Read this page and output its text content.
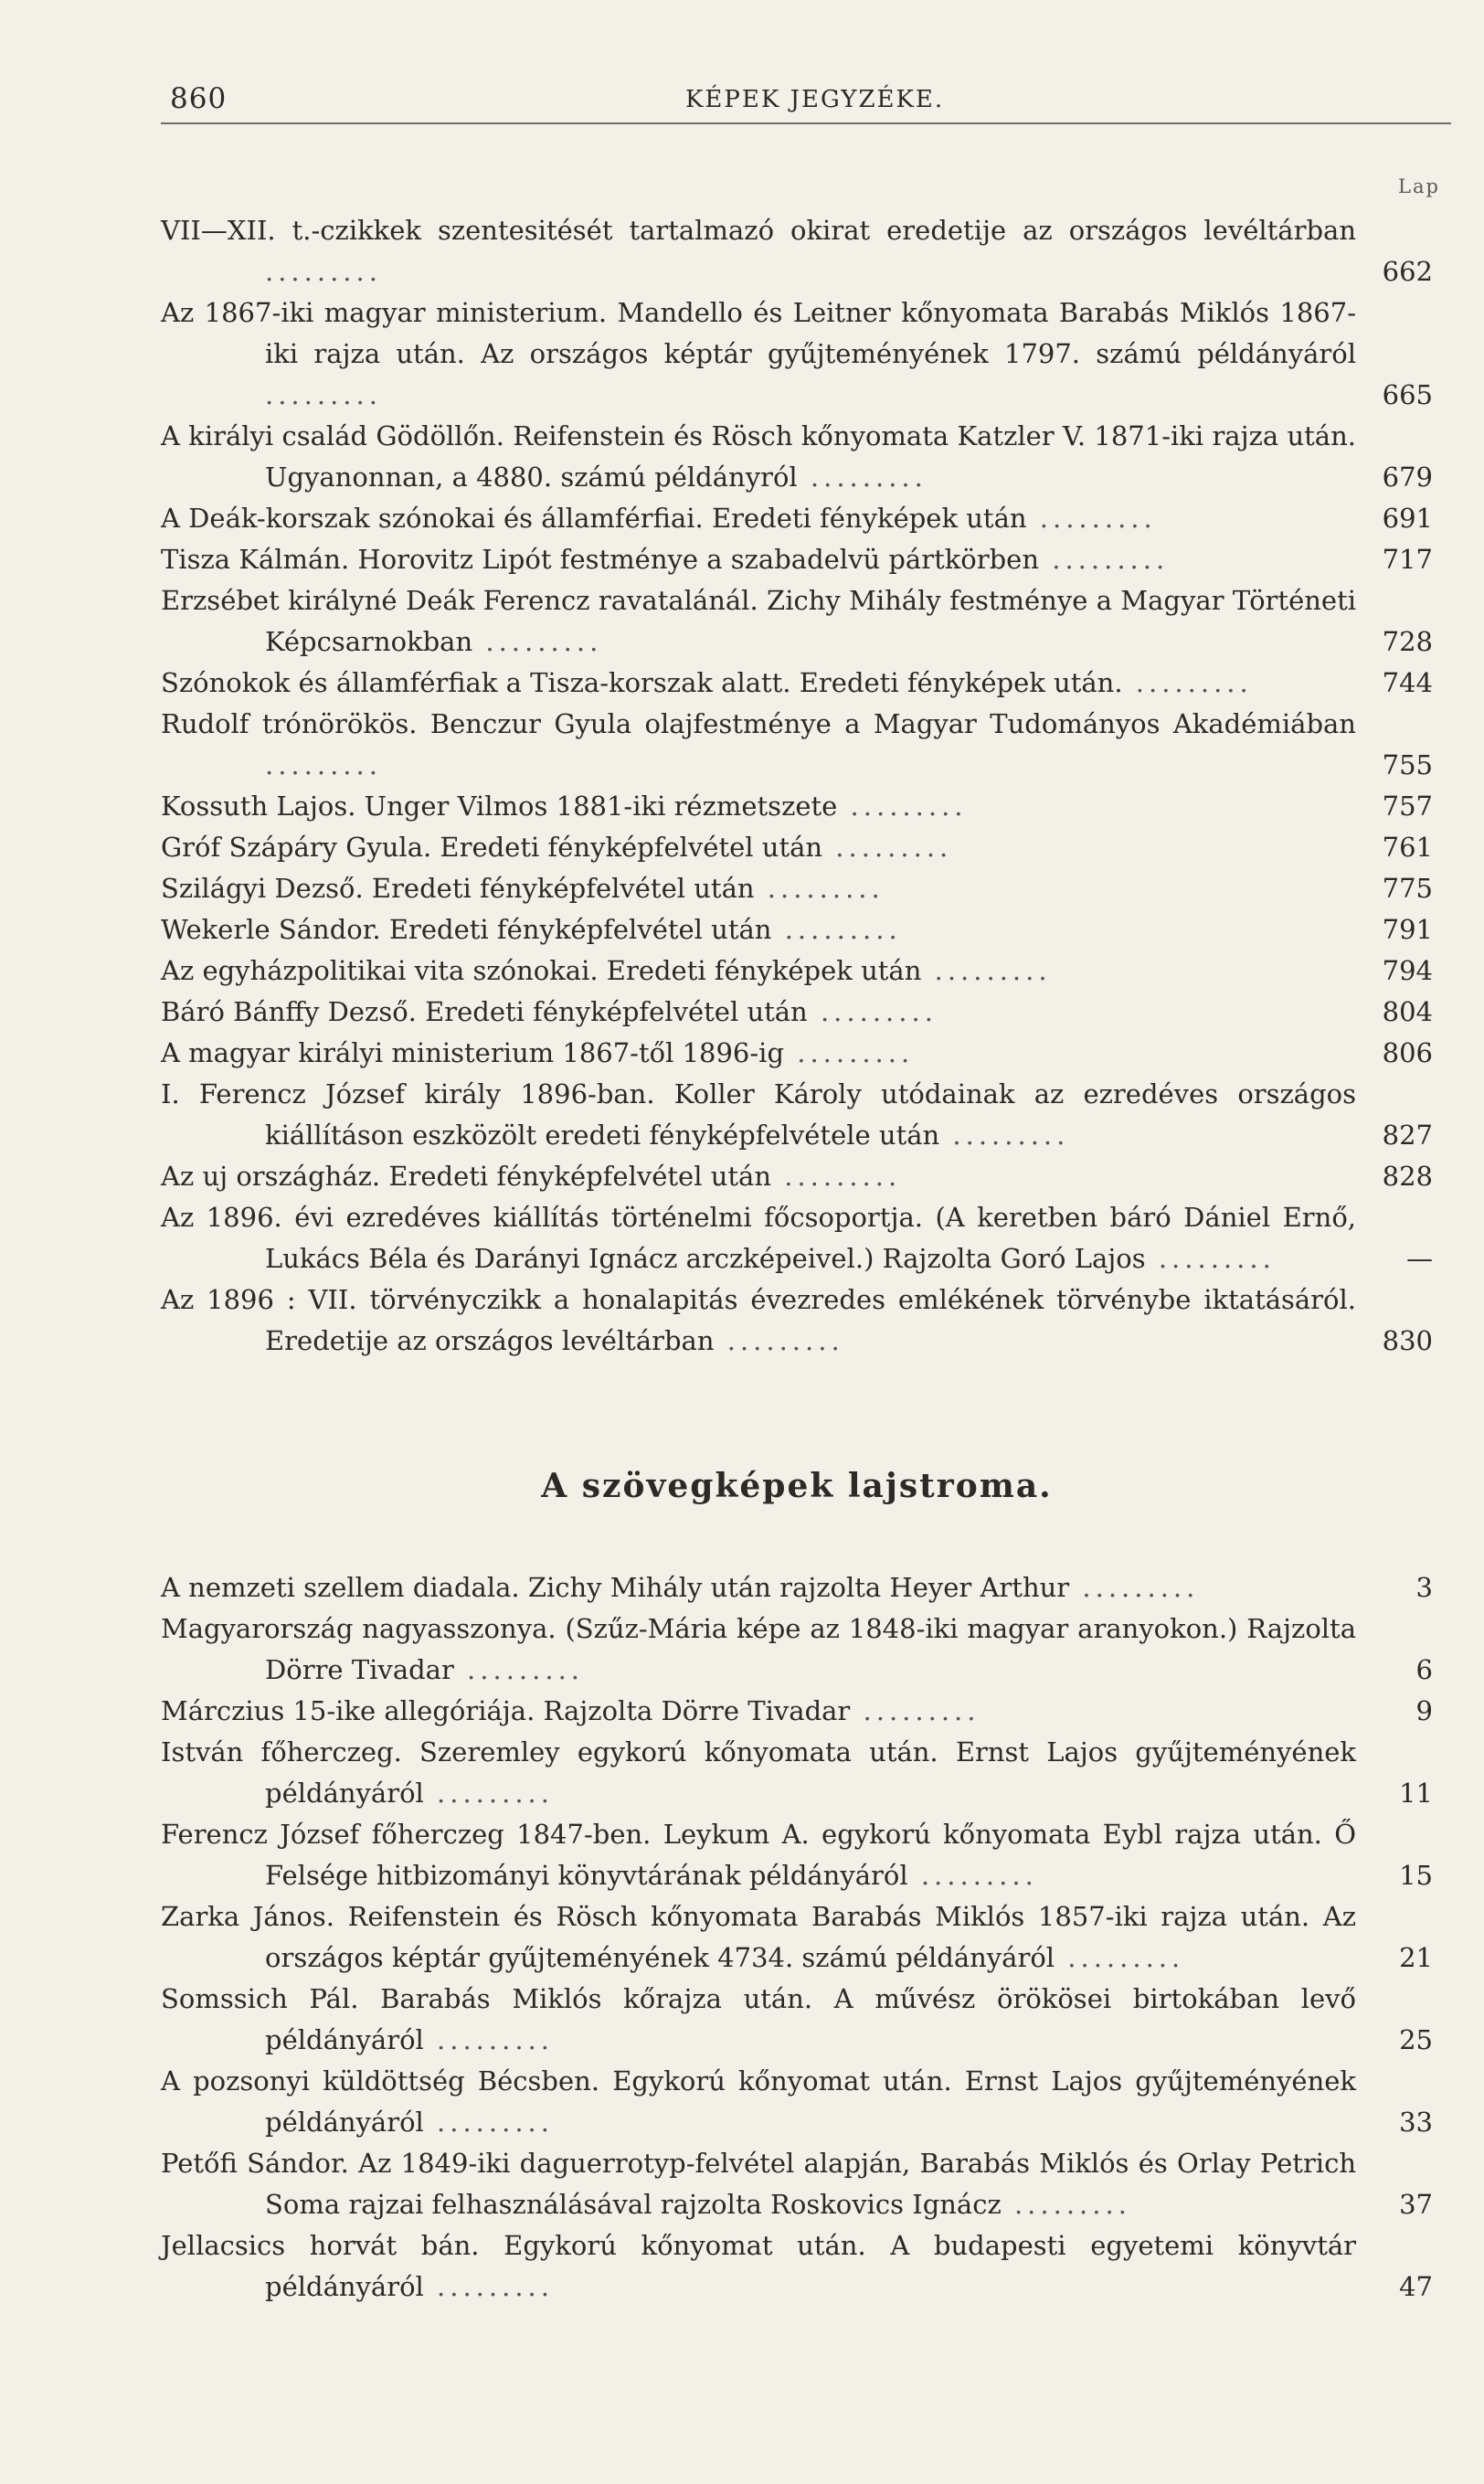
860	KÉPEK JEGYZÉKE.
Lap
VII—XII. t.-czikkek szentesitését tartalmazó okirat eredetije az országos levéltárban .........	662
Az 1867-iki magyar ministerium. Mandello és Leitner kőnyomata Barabás Miklós 1867-iki rajza után. Az országos képtár gyűjteményének 1797. számú példányáról .........	665
A királyi család Gödöllőn. Reifenstein és Rösch kőnyomata Katzler V. 1871-iki rajza után. Ugyanonnan, a 4880. számú példányról .........	679
A Deák-korszak szónokai és államférfiai. Eredeti fényképek után .........	691
Tisza Kálmán. Horovitz Lipót festménye a szabadelvü pártkörben .........	717
Erzsébet királyné Deák Ferencz ravatalánál. Zichy Mihály festménye a Magyar Történeti Képcsarnokban .........	728
Szónokok és államférfiak a Tisza-korszak alatt. Eredeti fényképek után. .........	744
Rudolf trónörökös. Benczur Gyula olajfestménye a Magyar Tudományos Akadémiában .........	755
Kossuth Lajos. Unger Vilmos 1881-iki rézmetszete .........	757
Gróf Szápáry Gyula. Eredeti fényképfelvétel után .........	761
Szilágyi Dezső. Eredeti fényképfelvétel után .........	775
Wekerle Sándor. Eredeti fényképfelvétel után .........	791
Az egyházpolitikai vita szónokai. Eredeti fényképek után .........	794
Báró Bánffy Dezső. Eredeti fényképfelvétel után .........	804
A magyar királyi ministerium 1867-től 1896-ig .........	806
I. Ferencz József király 1896-ban. Koller Károly utódainak az ezredéves országos kiállításon eszközölt eredeti fényképfelvétele után .........	827
Az uj országház. Eredeti fényképfelvétel után .........	828
Az 1896. évi ezredéves kiállítás történelmi főcsoportja. (A keretben báró Dániel Ernő, Lukács Béla és Darányi Ignácz arczképeivel.) Rajzolta Goró Lajos .........	—
Az 1896 : VII. törvényczikk a honalapitás évezredes emlékének törvénybe iktatásáról. Eredetije az országos levéltárban .........	830
A szövegképek lajstroma.
A nemzeti szellem diadala. Zichy Mihály után rajzolta Heyer Arthur .........	3
Magyarország nagyasszonya. (Szűz-Mária képe az 1848-iki magyar aranyokon.) Rajzolta Dörre Tivadar .........	6
Márczius 15-ike allegóriája. Rajzolta Dörre Tivadar .........	9
István főherczeg. Szeremley egykorú kőnyomata után. Ernst Lajos gyűjteményének példányáról .........	11
Ferencz József főherczeg 1847-ben. Leykum A. egykorú kőnyomata Eybl rajza után. Ő Felsége hitbizományi könyvtárának példányáról .........	15
Zarka János. Reifenstein és Rösch kőnyomata Barabás Miklós 1857-iki rajza után. Az országos képtár gyűjteményének 4734. számú példányáról .........	21
Somssich Pál. Barabás Miklós kőrajza után. A művész örökösei birtokában levő példányáról .........	25
A pozsonyi küldöttség Bécsben. Egykorú kőnyomat után. Ernst Lajos gyűjteményének példányáról .........	33
Petőfi Sándor. Az 1849-iki daguerrotyp-felvétel alapján, Barabás Miklós és Orlay Petrich Soma rajzai felhasználásával rajzolta Roskovics Ignácz .........	37
Jellacsics horvát bán. Egykorú kőnyomat után. A budapesti egyetemi könyvtár példányáról .........	47
